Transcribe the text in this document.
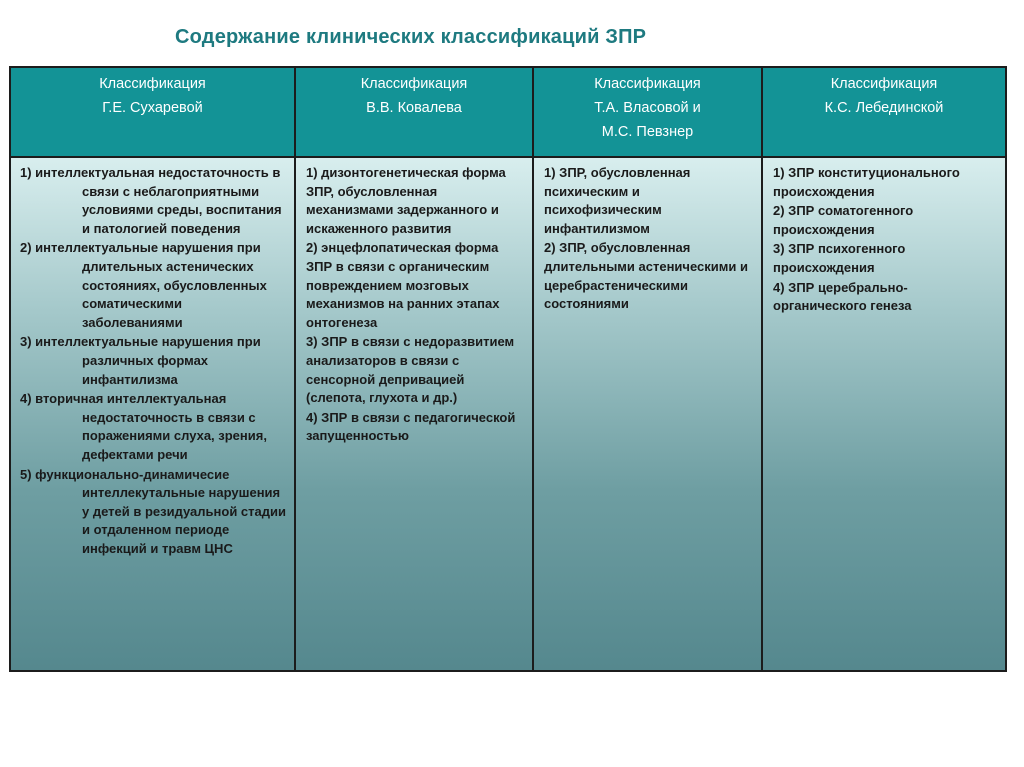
Содержание клинических классификаций ЗПР
Классификация
Г.Е. Сухаревой
Классификация
В.В. Ковалева
Классификация
Т.А. Власовой и
М.С. Певзнер
Классификация
К.С. Лебединской
1) интеллектуальная недостаточность в связи с неблагоприятными условиями среды, воспитания и патологией поведения
2) интеллектуальные нарушения при длительных астенических состояниях, обусловленных соматическими заболеваниями
3) интеллектуальные нарушения при различных формах инфантилизма
4) вторичная интеллектуальная недостаточность в связи с поражениями слуха, зрения, дефектами речи
5) функционально-динамичесие интеллекутальные нарушения у детей в резидуальной стадии и отдаленном периоде инфекций и травм ЦНС
1) дизонтогенетическая форма ЗПР, обусловленная механизмами задержанного и искаженного развития
2) энцефлопатическая форма ЗПР в связи с органическим повреждением мозговых механизмов на ранних этапах онтогенеза
3) ЗПР в связи с недоразвитием анализаторов в связи с сенсорной депривацией (слепота, глухота и др.)
4) ЗПР в связи с педагогической запущенностью
1) ЗПР, обусловленная психическим и психофизическим инфантилизмом
2) ЗПР, обусловленная длительными астеническими и церебрастеническими состояниями
1) ЗПР конституционального происхождения
2) ЗПР соматогенного происхождения
3) ЗПР психогенного происхождения
4) ЗПР церебрально-органического генеза
